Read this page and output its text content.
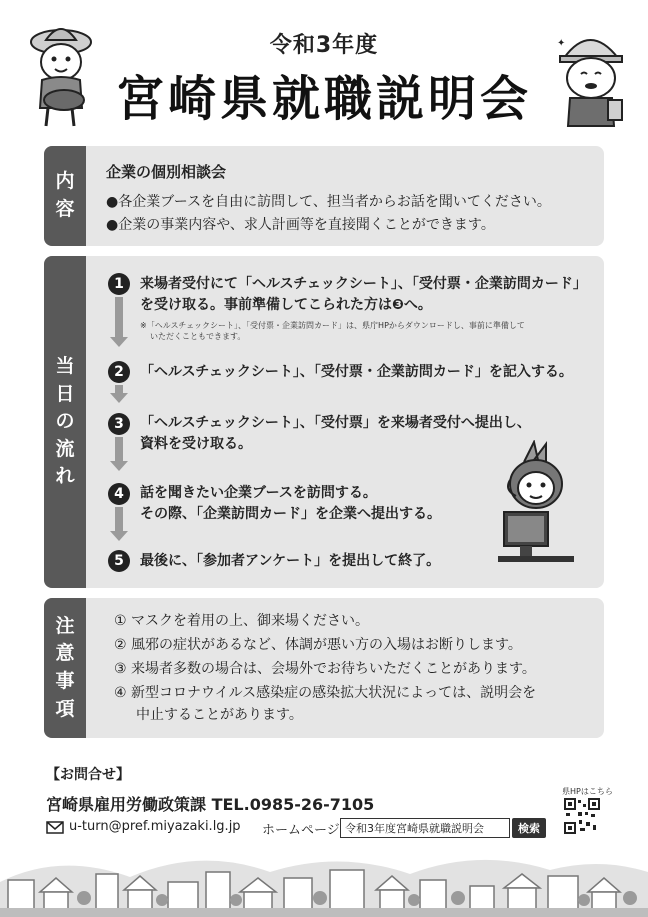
令和3年度
宮崎県就職説明会
✦
内
容
企業の個別相談会
●各企業ブースを自由に訪問して、担当者からお話を聞いてください。
●企業の事業内容や、求人計画等を直接聞くことができます。
当
日
の
流
れ
1	来場者受付にて「ヘルスチェックシート」、「受付票・企業訪問カード」
を受け取る。事前準備してこられた方は❸へ。
※「ヘルスチェックシート」、「受付票・企業訪問カード」は、県庁HPからダウンロードし、事前に準備して
いただくこともできます。
2	「ヘルスチェックシート」、「受付票・企業訪問カード」を記入する。
3	「ヘルスチェックシート」、「受付票」を来場者受付へ提出し、
資料を受け取る。
4	話を聞きたい企業ブースを訪問する。
その際、「企業訪問カード」を企業へ提出する。
5	最後に、「参加者アンケート」を提出して終了。
注
意
事
項
① マスクを着用の上、御来場ください。
② 風邪の症状があるなど、体調が悪い方の入場はお断りします。
③ 来場者多数の場合は、会場外でお待ちいただくことがあります。
④ 新型コロナウイルス感染症の感染拡大状況によっては、説明会を
中止することがあります。
【お問合せ】
宮崎県雇用労働政策課 TEL.0985-26-7105
u-turn@pref.miyazaki.lg.jp ホームページ 令和3年度宮崎県就職説明会	検索
県HPはこちら
